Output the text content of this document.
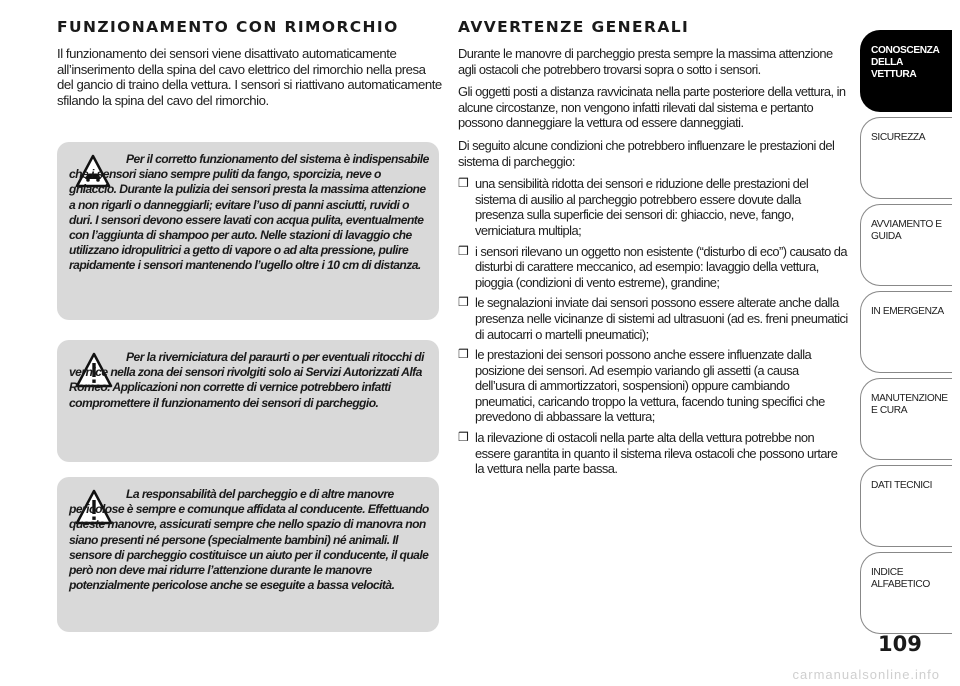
FUNZIONAMENTO CON RIMORCHIO

Il funzionamento dei sensori viene disattivato automaticamente all’inserimento della spina del cavo elettrico del rimorchio nella presa del gancio di traino della vettura. I sensori si riattivano automaticamente sfilando la spina del cavo del rimorchio.

Per il corretto funzionamento del sistema è indispensabile che i sensori siano sempre puliti da fango, sporcizia, neve o ghiaccio. Durante la pulizia dei sensori presta la massima attenzione a non rigarli o danneggiarli; evitare l’uso di panni asciutti, ruvidi o duri. I sensori devono essere lavati con acqua pulita, eventualmente con l’aggiunta di shampoo per auto. Nelle stazioni di lavaggio che utilizzano idropulitrici a getto di vapore o ad alta pressione, pulire rapidamente i sensori mantenendo l’ugello oltre i 10 cm di distanza.

Per la riverniciatura del paraurti o per eventuali ritocchi di vernice nella zona dei sensori rivolgiti solo ai Servizi Autorizzati Alfa Romeo. Applicazioni non corrette di vernice potrebbero infatti compromettere il funzionamento dei sensori di parcheggio.

La responsabilità del parcheggio e di altre manovre pericolose è sempre e comunque affidata al conducente. Effettuando queste manovre, assicurati sempre che nello spazio di manovra non siano presenti né persone (specialmente bambini) né animali. Il sensore di parcheggio costituisce un aiuto per il conducente, il quale però non deve mai ridurre l’attenzione durante le manovre potenzialmente pericolose anche se eseguite a bassa velocità.

AVVERTENZE GENERALI

Durante le manovre di parcheggio presta sempre la massima attenzione agli ostacoli che potrebbero trovarsi sopra o sotto i sensori.

Gli oggetti posti a distanza ravvicinata nella parte posteriore della vettura, in alcune circostanze, non vengono infatti rilevati dal sistema e pertanto possono danneggiare la vettura od essere danneggiati.

Di seguito alcune condizioni che potrebbero influenzare le prestazioni del sistema di parcheggio:

❒ una sensibilità ridotta dei sensori e riduzione delle prestazioni del sistema di ausilio al parcheggio potrebbero essere dovute dalla presenza sulla superficie dei sensori di: ghiaccio, neve, fango, verniciatura multipla;
❒ i sensori rilevano un oggetto non esistente (“disturbo di eco”) causato da disturbi di carattere meccanico, ad esempio: lavaggio della vettura, pioggia (condizioni di vento estreme), grandine;
❒ le segnalazioni inviate dai sensori possono essere alterate anche dalla presenza nelle vicinanze di sistemi ad ultrasuoni (ad es. freni pneumatici di autocarri o martelli pneumatici);
❒ le prestazioni dei sensori possono anche essere influenzate dalla posizione dei sensori. Ad esempio variando gli assetti (a causa dell’usura di ammortizzatori, sospensioni) oppure cambiando pneumatici, caricando troppo la vettura, facendo tuning specifici che prevedono di abbassare la vettura;
❒ la rilevazione di ostacoli nella parte alta della vettura potrebbe non essere garantita in quanto il sistema rileva ostacoli che possono urtare la vettura nella parte bassa.
CONOSCENZA DELLA VETTURA
SICUREZZA
AVVIAMENTO E GUIDA
IN EMERGENZA
MANUTENZIONE E CURA
DATI TECNICI
INDICE ALFABETICO
109
carmanualsonline.info
